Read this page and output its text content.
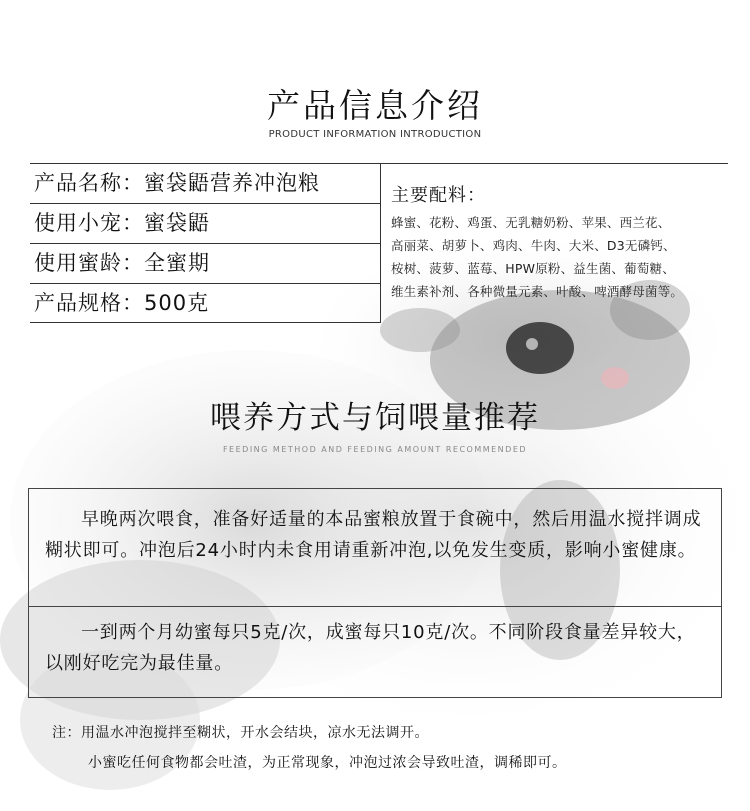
产品信息介绍
PRODUCT INFORMATION INTRODUCTION
产品名称：蜜袋鼯营养冲泡粮
使用小宠：蜜袋鼯
使用蜜龄：全蜜期
产品规格：500克
主要配料：
蜂蜜、花粉、鸡蛋、无乳糖奶粉、苹果、西兰花、
高丽菜、胡萝卜、鸡肉、牛肉、大米、D3无磷钙、
桉树、菠萝、蓝莓、HPW原粉、益生菌、葡萄糖、
维生素补剂、各种微量元素、叶酸、啤酒酵母菌等。
喂养方式与饲喂量推荐
FEEDING METHOD AND FEEDING AMOUNT RECOMMENDED
早晚两次喂食，准备好适量的本品蜜粮放置于食碗中，然后用温水搅拌调成糊状即可。冲泡后24小时内未食用请重新冲泡,以免发生变质，影响小蜜健康。
一到两个月幼蜜每只5克/次，成蜜每只10克/次。不同阶段食量差异较大，以刚好吃完为最佳量。
注：用温水冲泡搅拌至糊状，开水会结块，凉水无法调开。
小蜜吃任何食物都会吐渣，为正常现象，冲泡过浓会导致吐渣，调稀即可。
